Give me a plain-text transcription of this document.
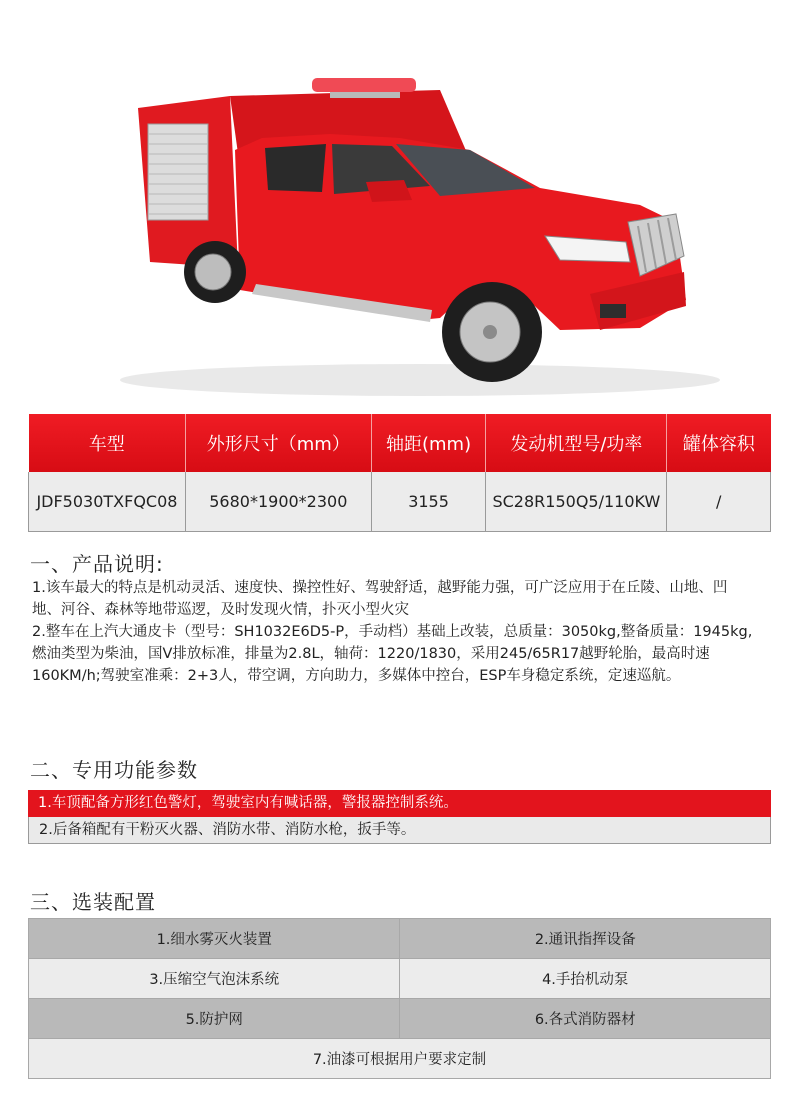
车型	外形尺寸（mm）	轴距(mm)	发动机型号/功率	罐体容积
JDF5030TXFQC08	5680*1900*2300	3155	SC28R150Q5/110KW	/
一、产品说明:

1.该车最大的特点是机动灵活、速度快、操控性好、驾驶舒适，越野能力强，可广泛应用于在丘陵、山地、凹

地、河谷、森林等地带巡逻，及时发现火情，扑灭小型火灾

2.整车在上汽大通皮卡（型号：SH1032E6D5-P，手动档）基础上改装，总质量：3050kg,整备质量：1945kg,

燃油类型为柴油，国V排放标准，排量为2.8L，轴荷：1220/1830，采用245/65R17越野轮胎，最高时速

160KM/h;驾驶室准乘：2+3人，带空调，方向助力，多媒体中控台，ESP车身稳定系统，定速巡航。

二、专用功能参数
1.车顶配备方形红色警灯，驾驶室内有喊话器，警报器控制系统。
2.后备箱配有干粉灭火器、消防水带、消防水枪，扳手等。
三、选装配置
1.细水雾灭火装置	2.通讯指挥设备
3.压缩空气泡沫系统	4.手抬机动泵
5.防护网	6.各式消防器材
7.油漆可根据用户要求定制	
